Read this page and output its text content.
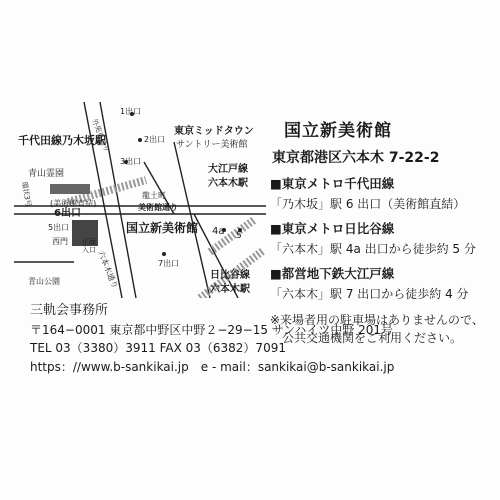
1出口
2出口
3出口
千代田線乃木坂駅
外苑東通り	東京ミッドタウン
サントリー美術館
大江戸線
六本木駅
青山霊園
環状3号 (美術館直結)
6出口
龍土町
美術館通り
5出口	国立新美術館
西門 正面
入口 六本木通り
4a 5
7出口
日比谷線
六本木駅
青山公園
国立新美術館
東京都港区六本木 7-22-2
■東京メトロ千代田線
「乃木坂」駅 6 出口（美術館直結）
■東京メトロ日比谷線
「六本木」駅 4a 出口から徒歩約 5 分
■都営地下鉄大江戸線
「六本木」駅 7 出口から徒歩約 4 分
※来場者用の駐車場はありませんので、
公共交通機関をご利用ください。
三軌会事務所
〒164−0001 東京都中野区中野２−29−15 サンハイツ中野 201号
TEL 03（3380）3911 FAX 03（6382）7091
https：//www.b-sankikai.jp　e - mail：sankikai@b-sankikai.jp
